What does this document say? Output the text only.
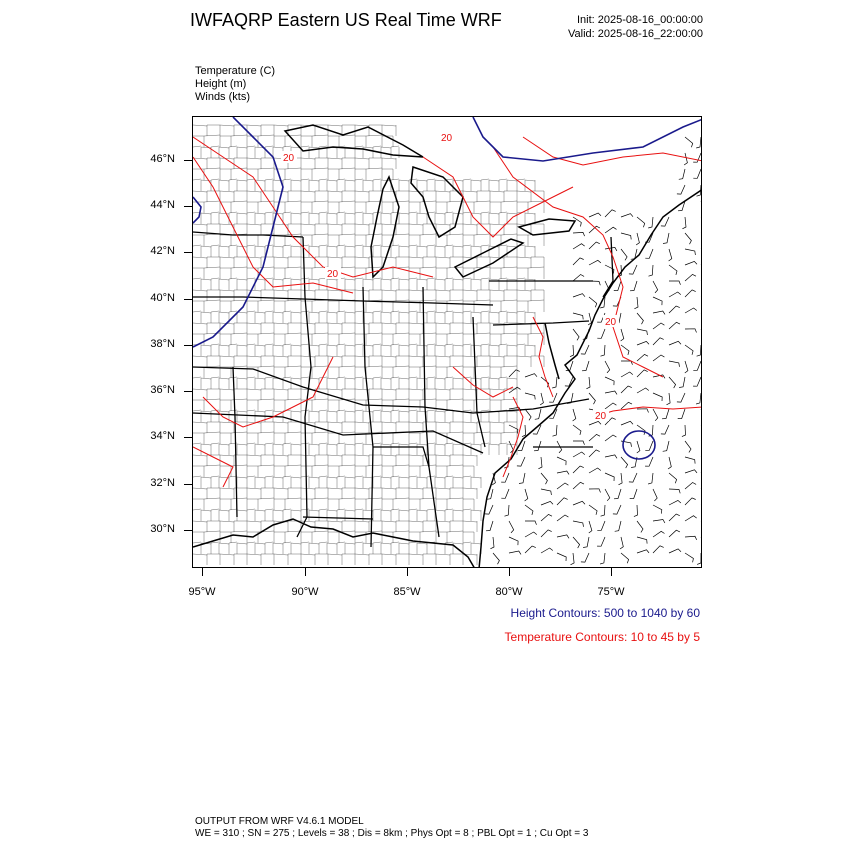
IWFAQRP Eastern US Real Time WRF	Init: 2025-08-16_00:00:00
Valid: 2025-08-16_22:00:00
Temperature (C)
Height (m)
Winds (kts)
20
20
20
20
20
46°N
44°N
42°N
40°N
38°N
36°N
34°N
32°N
30°N
95°W	90°W	85°W	80°W	75°W
Height Contours: 500 to 1040 by 60
Temperature Contours: 10 to 45 by 5
OUTPUT FROM WRF V4.6.1 MODEL
WE = 310 ; SN = 275 ; Levels = 38 ; Dis = 8km ; Phys Opt = 8 ; PBL Opt = 1 ; Cu Opt = 3
